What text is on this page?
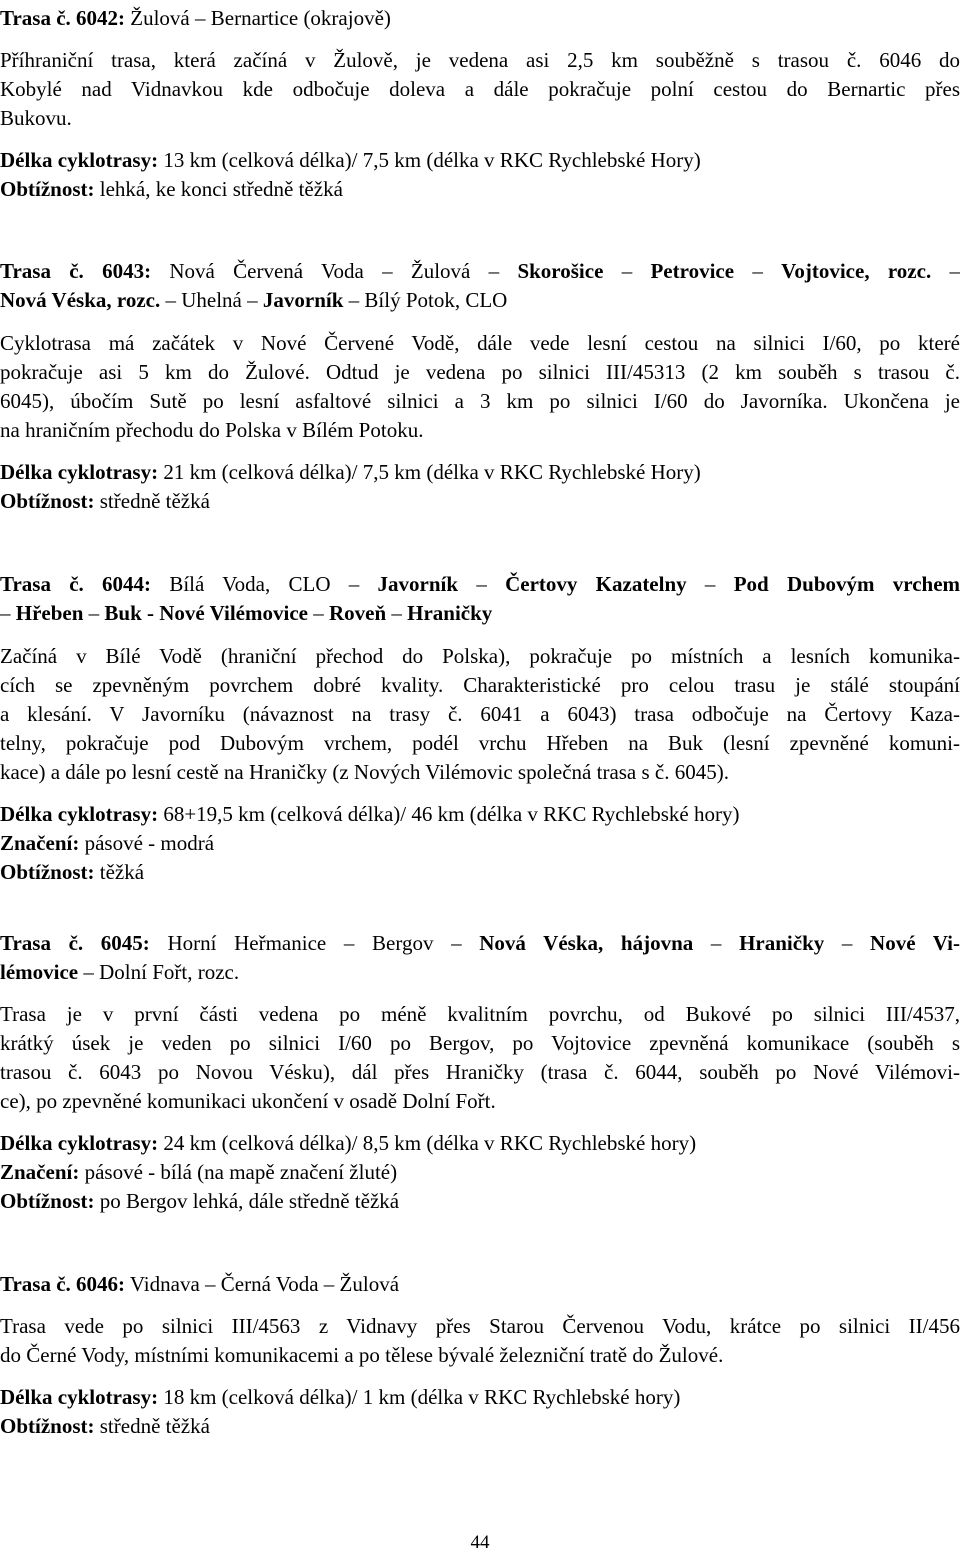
Trasa č. 6042: Žulová – Bernartice (okrajově)
Příhraniční trasa, která začíná v Žulově, je vedena asi 2,5 km souběžně s trasou č. 6046 do
Kobylé nad Vidnavkou kde odbočuje doleva a dále pokračuje polní cestou do Bernartic přes
Bukovu.
Délka cyklotrasy: 13 km (celková délka)/ 7,5 km (délka v RKC Rychlebské Hory)
Obtížnost: lehká, ke konci středně těžká
Trasa č. 6043: Nová Červená Voda – Žulová – Skorošice – Petrovice – Vojtovice, rozc. –
Nová Véska, rozc. – Uhelná – Javorník – Bílý Potok, CLO
Cyklotrasa má začátek v Nové Červené Vodě, dále vede lesní cestou na silnici I/60, po které
pokračuje asi 5 km do Žulové. Odtud je vedena po silnici III/45313 (2 km souběh s trasou č.
6045), úbočím Sutě po lesní asfaltové silnici a 3 km po silnici I/60 do Javorníka. Ukončena je
na hraničním přechodu do Polska v Bílém Potoku.
Délka cyklotrasy: 21 km (celková délka)/ 7,5 km (délka v RKC Rychlebské Hory)
Obtížnost: středně těžká
Trasa č. 6044: Bílá Voda, CLO – Javorník – Čertovy Kazatelny – Pod Dubovým vrchem
– Hřeben – Buk - Nové Vilémovice – Roveň – Hraničky
Začíná v Bílé Vodě (hraniční přechod do Polska), pokračuje po místních a lesních komunika-
cích se zpevněným povrchem dobré kvality. Charakteristické pro celou trasu je stálé stoupání
a klesání. V Javorníku (návaznost na trasy č. 6041 a 6043) trasa odbočuje na Čertovy Kaza-
telny, pokračuje pod Dubovým vrchem, podél vrchu Hřeben na Buk (lesní zpevněné komuni-
kace) a dále po lesní cestě na Hraničky (z Nových Vilémovic společná trasa s č. 6045).
Délka cyklotrasy: 68+19,5 km (celková délka)/ 46 km (délka v RKC Rychlebské hory)
Značení: pásové - modrá
Obtížnost: těžká
Trasa č. 6045: Horní Heřmanice – Bergov – Nová Véska, hájovna – Hraničky – Nové Vi-
lémovice – Dolní Fořt, rozc.
Trasa je v první části vedena po méně kvalitním povrchu, od Bukové po silnici III/4537,
krátký úsek je veden po silnici I/60 po Bergov, po Vojtovice zpevněná komunikace (souběh s
trasou č. 6043 po Novou Vésku), dál přes Hraničky (trasa č. 6044, souběh po Nové Vilémovi-
ce), po zpevněné komunikaci ukončení v osadě Dolní Fořt.
Délka cyklotrasy: 24 km (celková délka)/ 8,5 km (délka v RKC Rychlebské hory)
Značení: pásové - bílá (na mapě značení žluté)
Obtížnost: po Bergov lehká, dále středně těžká
Trasa č. 6046: Vidnava – Černá Voda – Žulová
Trasa vede po silnici III/4563 z Vidnavy přes Starou Červenou Vodu, krátce po silnici II/456
do Černé Vody, místními komunikacemi a po tělese bývalé železniční tratě do Žulové.
Délka cyklotrasy: 18 km (celková délka)/ 1 km (délka v RKC Rychlebské hory)
Obtížnost: středně těžká
44
